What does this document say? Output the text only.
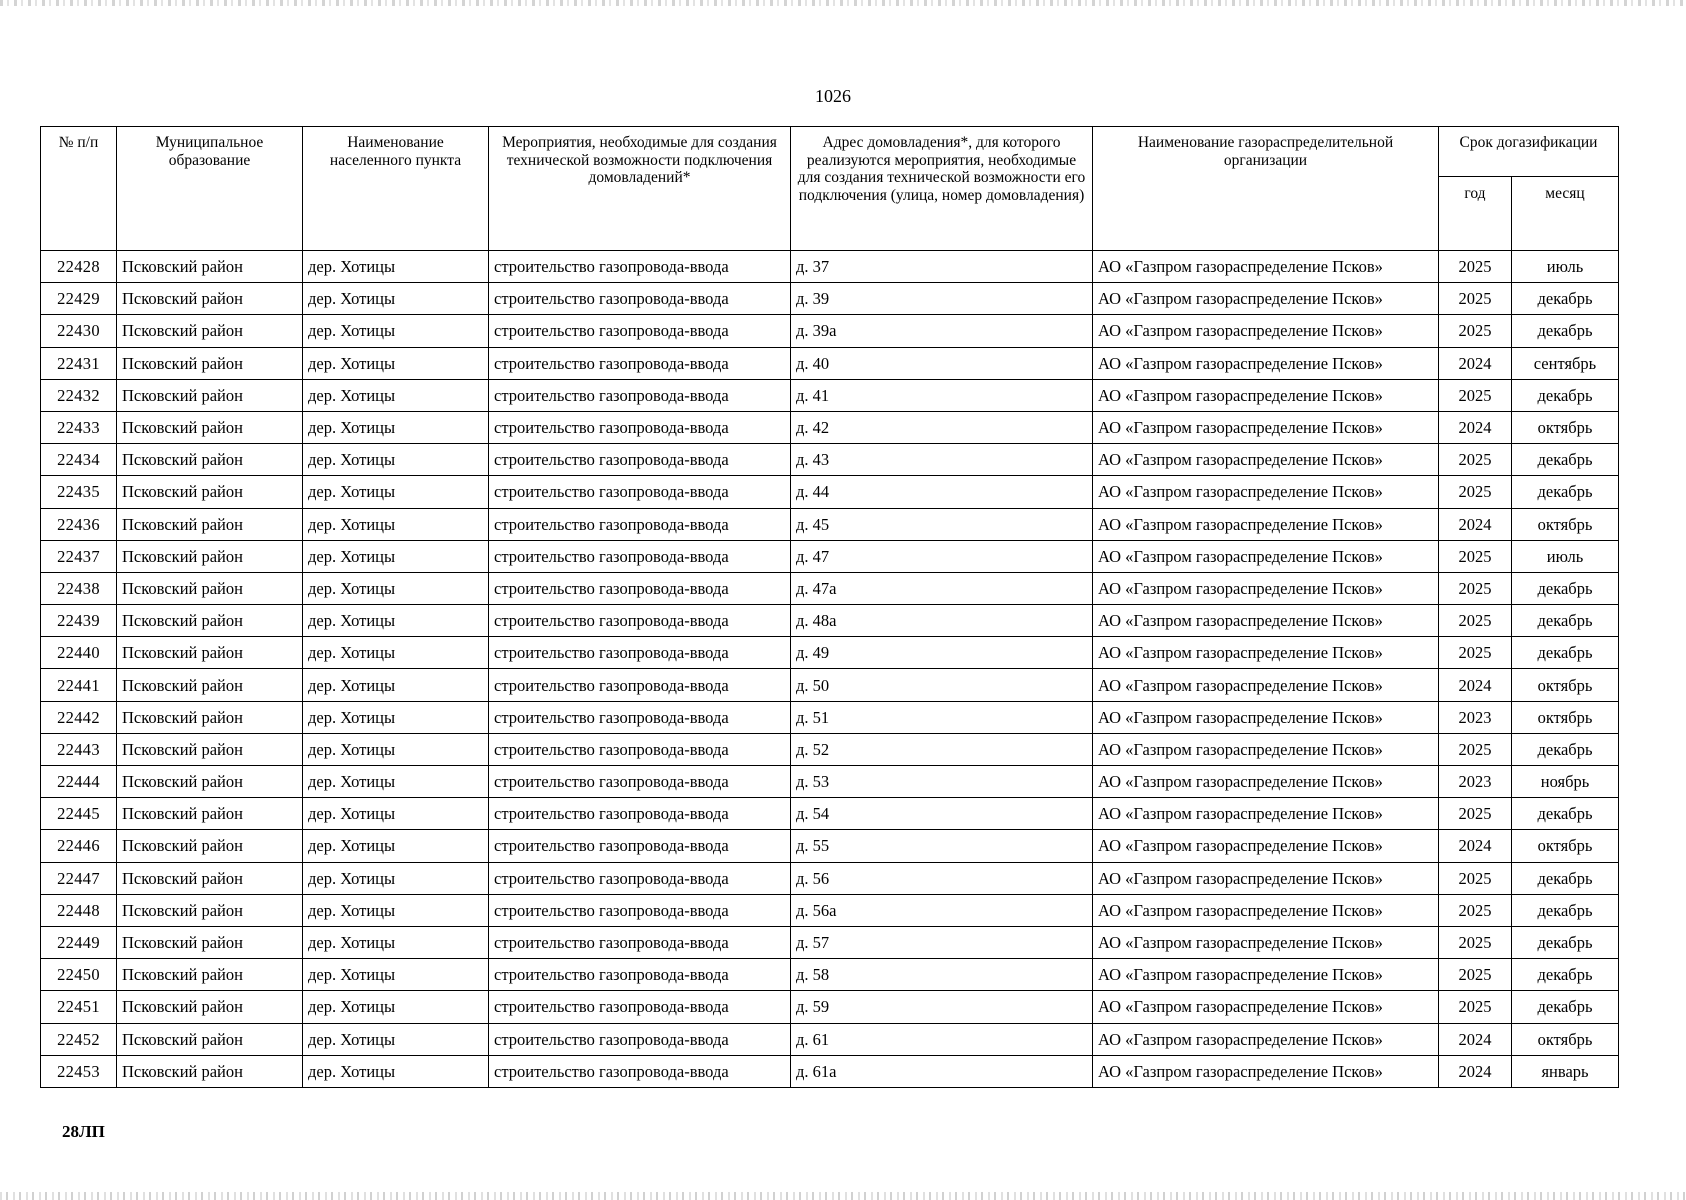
1026
№ п/п	Муниципальное образование	Наименование населенного пункта	Мероприятия, необходимые для создания технической возможности подключения домовладений*	Адрес домовладения*, для которого реализуются мероприятия, необходимые для создания технической возможности его подключения (улица, номер домовладения)	Наименование газораспределительной организации	Срок догазификации	
						год	месяц
22428	Псковский район	дер. Хотицы	строительство газопровода-ввода	д. 37	АО «Газпром газораспределение Псков»	2025	июль
22429	Псковский район	дер. Хотицы	строительство газопровода-ввода	д. 39	АО «Газпром газораспределение Псков»	2025	декабрь
22430	Псковский район	дер. Хотицы	строительство газопровода-ввода	д. 39а	АО «Газпром газораспределение Псков»	2025	декабрь
22431	Псковский район	дер. Хотицы	строительство газопровода-ввода	д. 40	АО «Газпром газораспределение Псков»	2024	сентябрь
22432	Псковский район	дер. Хотицы	строительство газопровода-ввода	д. 41	АО «Газпром газораспределение Псков»	2025	декабрь
22433	Псковский район	дер. Хотицы	строительство газопровода-ввода	д. 42	АО «Газпром газораспределение Псков»	2024	октябрь
22434	Псковский район	дер. Хотицы	строительство газопровода-ввода	д. 43	АО «Газпром газораспределение Псков»	2025	декабрь
22435	Псковский район	дер. Хотицы	строительство газопровода-ввода	д. 44	АО «Газпром газораспределение Псков»	2025	декабрь
22436	Псковский район	дер. Хотицы	строительство газопровода-ввода	д. 45	АО «Газпром газораспределение Псков»	2024	октябрь
22437	Псковский район	дер. Хотицы	строительство газопровода-ввода	д. 47	АО «Газпром газораспределение Псков»	2025	июль
22438	Псковский район	дер. Хотицы	строительство газопровода-ввода	д. 47а	АО «Газпром газораспределение Псков»	2025	декабрь
22439	Псковский район	дер. Хотицы	строительство газопровода-ввода	д. 48а	АО «Газпром газораспределение Псков»	2025	декабрь
22440	Псковский район	дер. Хотицы	строительство газопровода-ввода	д. 49	АО «Газпром газораспределение Псков»	2025	декабрь
22441	Псковский район	дер. Хотицы	строительство газопровода-ввода	д. 50	АО «Газпром газораспределение Псков»	2024	октябрь
22442	Псковский район	дер. Хотицы	строительство газопровода-ввода	д. 51	АО «Газпром газораспределение Псков»	2023	октябрь
22443	Псковский район	дер. Хотицы	строительство газопровода-ввода	д. 52	АО «Газпром газораспределение Псков»	2025	декабрь
22444	Псковский район	дер. Хотицы	строительство газопровода-ввода	д. 53	АО «Газпром газораспределение Псков»	2023	ноябрь
22445	Псковский район	дер. Хотицы	строительство газопровода-ввода	д. 54	АО «Газпром газораспределение Псков»	2025	декабрь
22446	Псковский район	дер. Хотицы	строительство газопровода-ввода	д. 55	АО «Газпром газораспределение Псков»	2024	октябрь
22447	Псковский район	дер. Хотицы	строительство газопровода-ввода	д. 56	АО «Газпром газораспределение Псков»	2025	декабрь
22448	Псковский район	дер. Хотицы	строительство газопровода-ввода	д. 56а	АО «Газпром газораспределение Псков»	2025	декабрь
22449	Псковский район	дер. Хотицы	строительство газопровода-ввода	д. 57	АО «Газпром газораспределение Псков»	2025	декабрь
22450	Псковский район	дер. Хотицы	строительство газопровода-ввода	д. 58	АО «Газпром газораспределение Псков»	2025	декабрь
22451	Псковский район	дер. Хотицы	строительство газопровода-ввода	д. 59	АО «Газпром газораспределение Псков»	2025	декабрь
22452	Псковский район	дер. Хотицы	строительство газопровода-ввода	д. 61	АО «Газпром газораспределение Псков»	2024	октябрь
22453	Псковский район	дер. Хотицы	строительство газопровода-ввода	д. 61а	АО «Газпром газораспределение Псков»	2024	январь
28ЛП
